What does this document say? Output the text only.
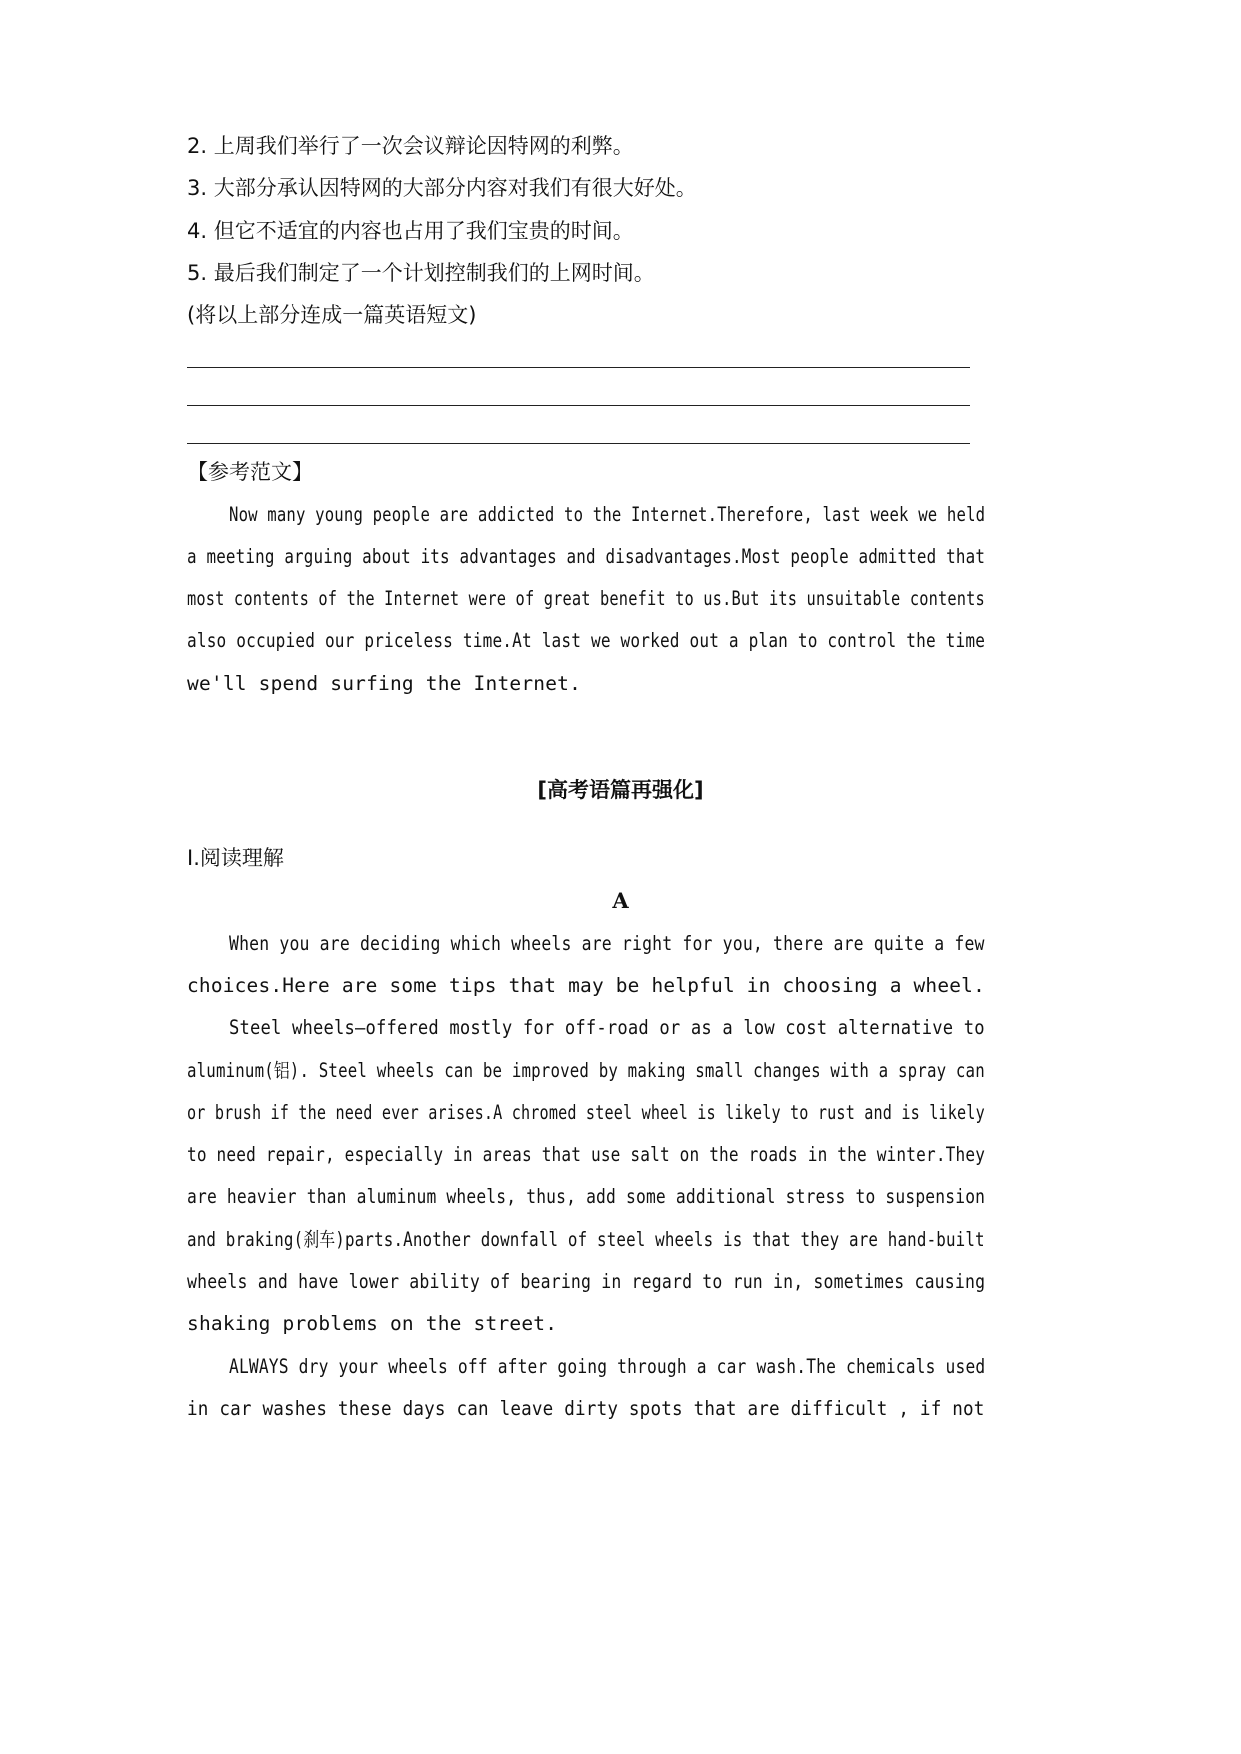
2. 上周我们举行了一次会议辩论因特网的利弊。
3. 大部分承认因特网的大部分内容对我们有很大好处。
4. 但它不适宜的内容也占用了我们宝贵的时间。
5. 最后我们制定了一个计划控制我们的上网时间。
(将以上部分连成一篇英语短文)
【参考范文】
Now many young people are addicted to the Internet.Therefore, last week we held
a meeting arguing about its advantages and disadvantages.Most people admitted that
most contents of the Internet were of great benefit to us.But its unsuitable contents
also occupied our priceless time.At last we worked out a plan to control the time
we'll spend surfing the Internet.
[高考语篇再强化]
Ⅰ.阅读理解
A
When you are deciding which wheels are right for you, there are quite a few
choices.Here are some tips that may be helpful in choosing a wheel.
Steel wheels—offered mostly for off-road or as a low cost alternative to
aluminum(铝). Steel wheels can be improved by making small changes with a spray can
or brush if the need ever arises.A chromed steel wheel is likely to rust and is likely
to need repair, especially in areas that use salt on the roads in the winter.They
are heavier than aluminum wheels, thus, add some additional stress to suspension
and braking(刹车)parts.Another downfall of steel wheels is that they are hand-built
wheels and have lower ability of bearing in regard to run in, sometimes causing
shaking problems on the street.
ALWAYS dry your wheels off after going through a car wash.The chemicals used
in car washes these days can leave dirty spots that are difficult , if not
